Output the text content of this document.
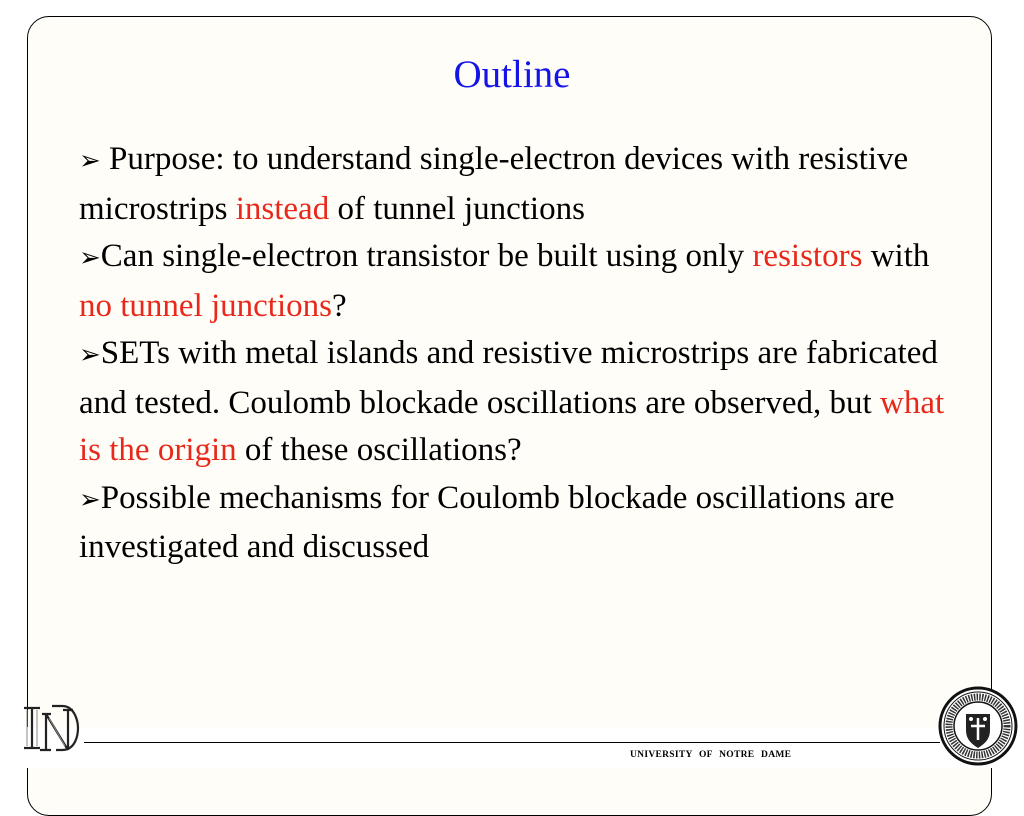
Outline

➢ Purpose: to understand single-electron devices with resistive microstrips instead of tunnel junctions

➢Can single-electron transistor be built using only resistors with no tunnel junctions?

➢SETs with metal islands and resistive microstrips are fabricated and tested. Coulomb blockade oscillations are observed, but what is the origin of these oscillations?

➢Possible mechanisms for Coulomb blockade oscillations are investigated and discussed

UNIVERSITY OF NOTRE DAME
